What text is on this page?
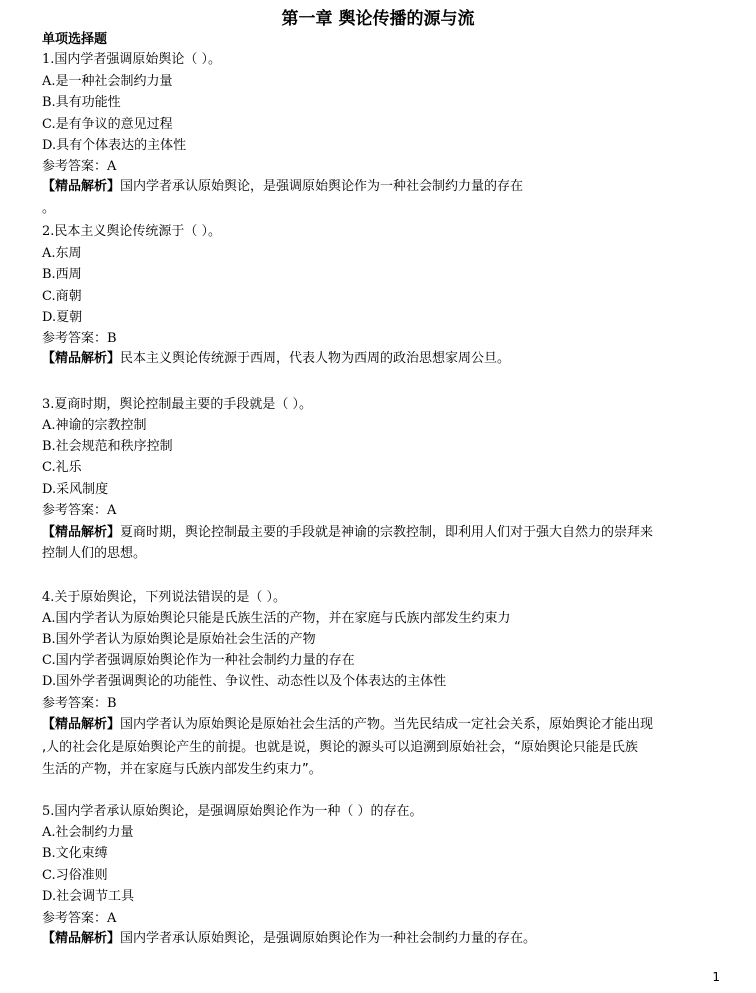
第一章 舆论传播的源与流
单项选择题
1.国内学者强调原始舆论（ ）。
A.是一种社会制约力量
B.具有功能性
C.是有争议的意见过程
D.具有个体表达的主体性
参考答案：A
【精品解析】国内学者承认原始舆论，是强调原始舆论作为一种社会制约力量的存在
。
2.民本主义舆论传统源于（ ）。
A.东周
B.西周
C.商朝
D.夏朝
参考答案：B
【精品解析】民本主义舆论传统源于西周，代表人物为西周的政治思想家周公旦。
3.夏商时期，舆论控制最主要的手段就是（ ）。
A.神谕的宗教控制
B.社会规范和秩序控制
C.礼乐
D.采风制度
参考答案：A
【精品解析】夏商时期，舆论控制最主要的手段就是神谕的宗教控制，即利用人们对于强大自然力的崇拜来
控制人们的思想。
4.关于原始舆论，下列说法错误的是（ ）。
A.国内学者认为原始舆论只能是氏族生活的产物，并在家庭与氏族内部发生约束力
B.国外学者认为原始舆论是原始社会生活的产物
C.国内学者强调原始舆论作为一种社会制约力量的存在
D.国外学者强调舆论的功能性、争议性、动态性以及个体表达的主体性
参考答案：B
【精品解析】国内学者认为原始舆论是原始社会生活的产物。当先民结成一定社会关系，原始舆论才能出现
,人的社会化是原始舆论产生的前提。也就是说，舆论的源头可以追溯到原始社会，“原始舆论只能是氏族
生活的产物，并在家庭与氏族内部发生约束力”。
5.国内学者承认原始舆论，是强调原始舆论作为一种（ ）的存在。
A.社会制约力量
B.文化束缚
C.习俗准则
D.社会调节工具
参考答案：A
【精品解析】国内学者承认原始舆论，是强调原始舆论作为一种社会制约力量的存在。
1
